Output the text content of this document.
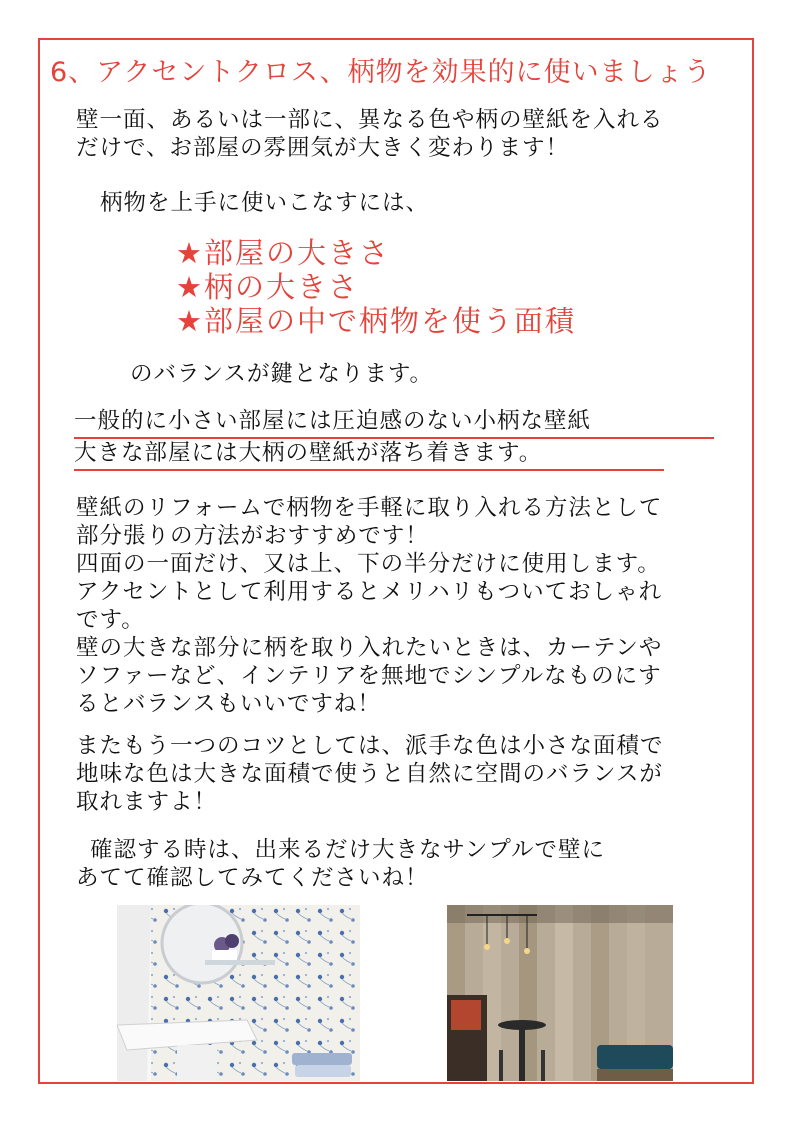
6、アクセントクロス、柄物を効果的に使いましょう

壁一面、あるいは一部に、異なる色や柄の壁紙を入れる
だけで、お部屋の雰囲気が大きく変わります！

柄物を上手に使いこなすには、

★部屋の大きさ
★柄の大きさ
★部屋の中で柄物を使う面積

のバランスが鍵となります。

一般的に小さい部屋には圧迫感のない小柄な壁紙
大きな部屋には大柄の壁紙が落ち着きます。

壁紙のリフォームで柄物を手軽に取り入れる方法として
部分張りの方法がおすすめです！
四面の一面だけ、又は上、下の半分だけに使用します。
アクセントとして利用するとメリハリもついておしゃれ
です。
壁の大きな部分に柄を取り入れたいときは、カーテンや
ソファーなど、インテリアを無地でシンプルなものにす
るとバランスもいいですね！

またもう一つのコツとしては、派手な色は小さな面積で
地味な色は大きな面積で使うと自然に空間のバランスが
取れますよ！

確認する時は、出来るだけ大きなサンプルで壁に
あてて確認してみてくださいね！
